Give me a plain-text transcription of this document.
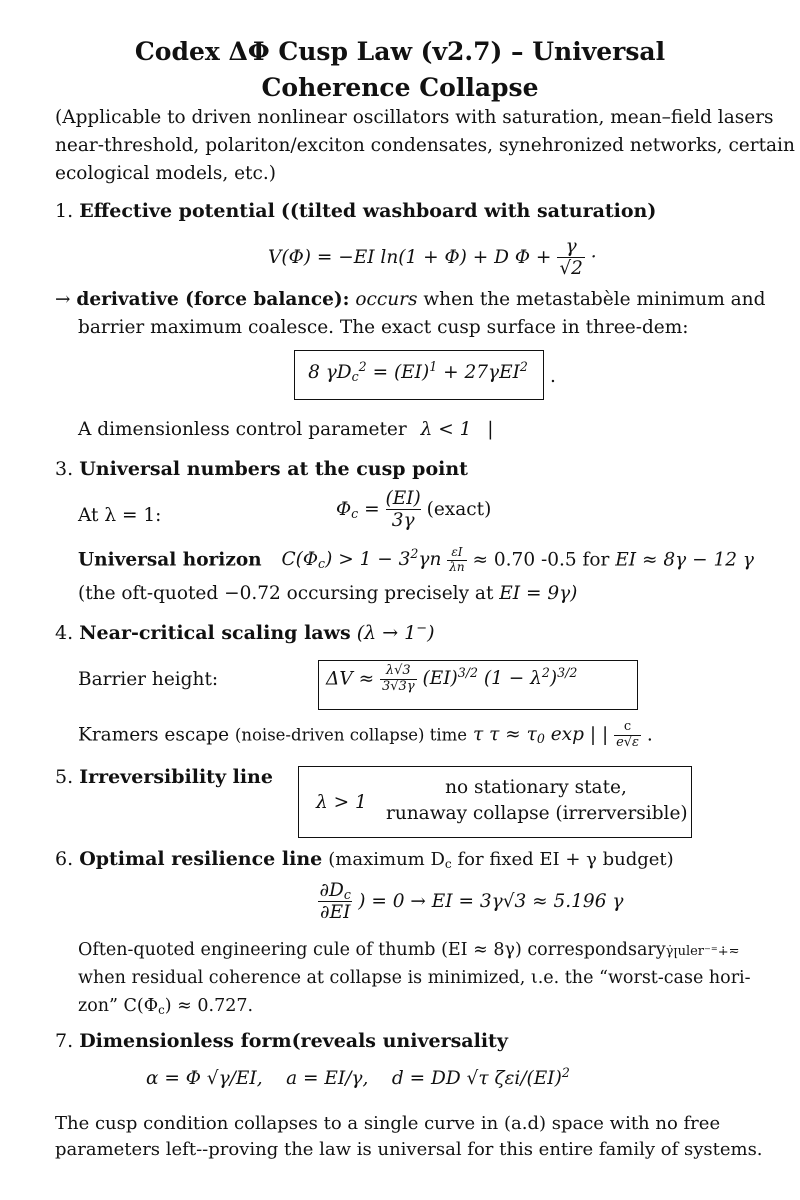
Codex ΔΦ Cusp Law (v2.7) – Universal Coherence Collapse
(Applicable to driven nonlinear oscillators with saturation, mean–field lasers
near-threshold, polariton/exciton condensates, synehronized networks, certain
ecological models, etc.)
1. Effective potential ((tilted washboard with saturation)
V(Φ) = −EI ln(1 + Φ) + D $\Phi + \frac{\gamma}{√2}$ ·
→ derivative (force balance): occurs when the metastabèle minimum and
barrier maximum coalesce. The exact cusp surface in three-dem:
8 $\gamma D_c^2 = (EI)^1 + 27\gamma EI^2$	.
A dimensionless control parameter λ < 1 |
3. Universal numbers at the cusp point
At λ = 1:	$\Phi_c = \frac{(EI)}{3\gamma}$ (exact)
Universal horizon $C(\Phi_c) > 1 - 3^2\gamma n \frac{\varepsilon I}{\lambda n} \approx 0.70$ -0.5 for EI ≈ 8γ − 12 γ
(the oft-quoted −0.72 occursing precisely at EI = 9γ)
4. Near-critical scaling laws (λ → 1−)
Barrier height:	$\Delta V \approx \frac{\lambda√3}{3√3\gamma} (EI)^{3/2}$ $(1 - \lambda^2)^{3/2}$
Kramers escape (noise-driven collapse) time τ $\tau \approx \tau_0$ exp | | $\frac{c}{e√\varepsilon}$ .
5. Irreversibility line
λ > 1
no stationary state,
runaway collapse (irrerversible)
6. Optimal resilience line (maximum $D_c$ for fixed EI + γ budget)
$\frac{\partial D_c}{\partial EI}$ ) = 0 → EI = 3γ√3 ≈ 5.196 γ
Often-quoted engineering cule of thumb (EI ≈ 8γ) correspondsaryγ̇ꞁuler⁻⁼∔≂
when residual coherence at collapse is minimized, ι.e. the “worst-case hori-
zon” $C(\Phi_c) \approx 0.727$.
7. Dimensionless form(reveals universality
α = Φ √γ/EI,    a = EI/γ,    d = DD √τ ζεi/(EI)$^2$
The cusp condition collapses to a single curve in (a.d) space with no free
parameters left--proving the law is universal for this entire family of systems.
